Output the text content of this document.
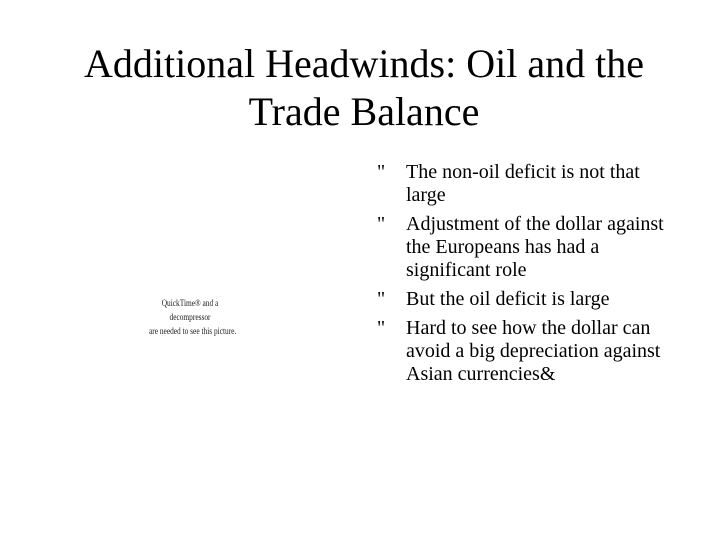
Additional Headwinds: Oil and the Trade Balance
QuickTime® and a
decompressor
are needed to see this picture.
"	The non-oil deficit is not that large
"	Adjustment of the dollar against the Europeans has had a significant role
"	But the oil deficit is large
"	Hard to see how the dollar can avoid a big depreciation against Asian currencies&
